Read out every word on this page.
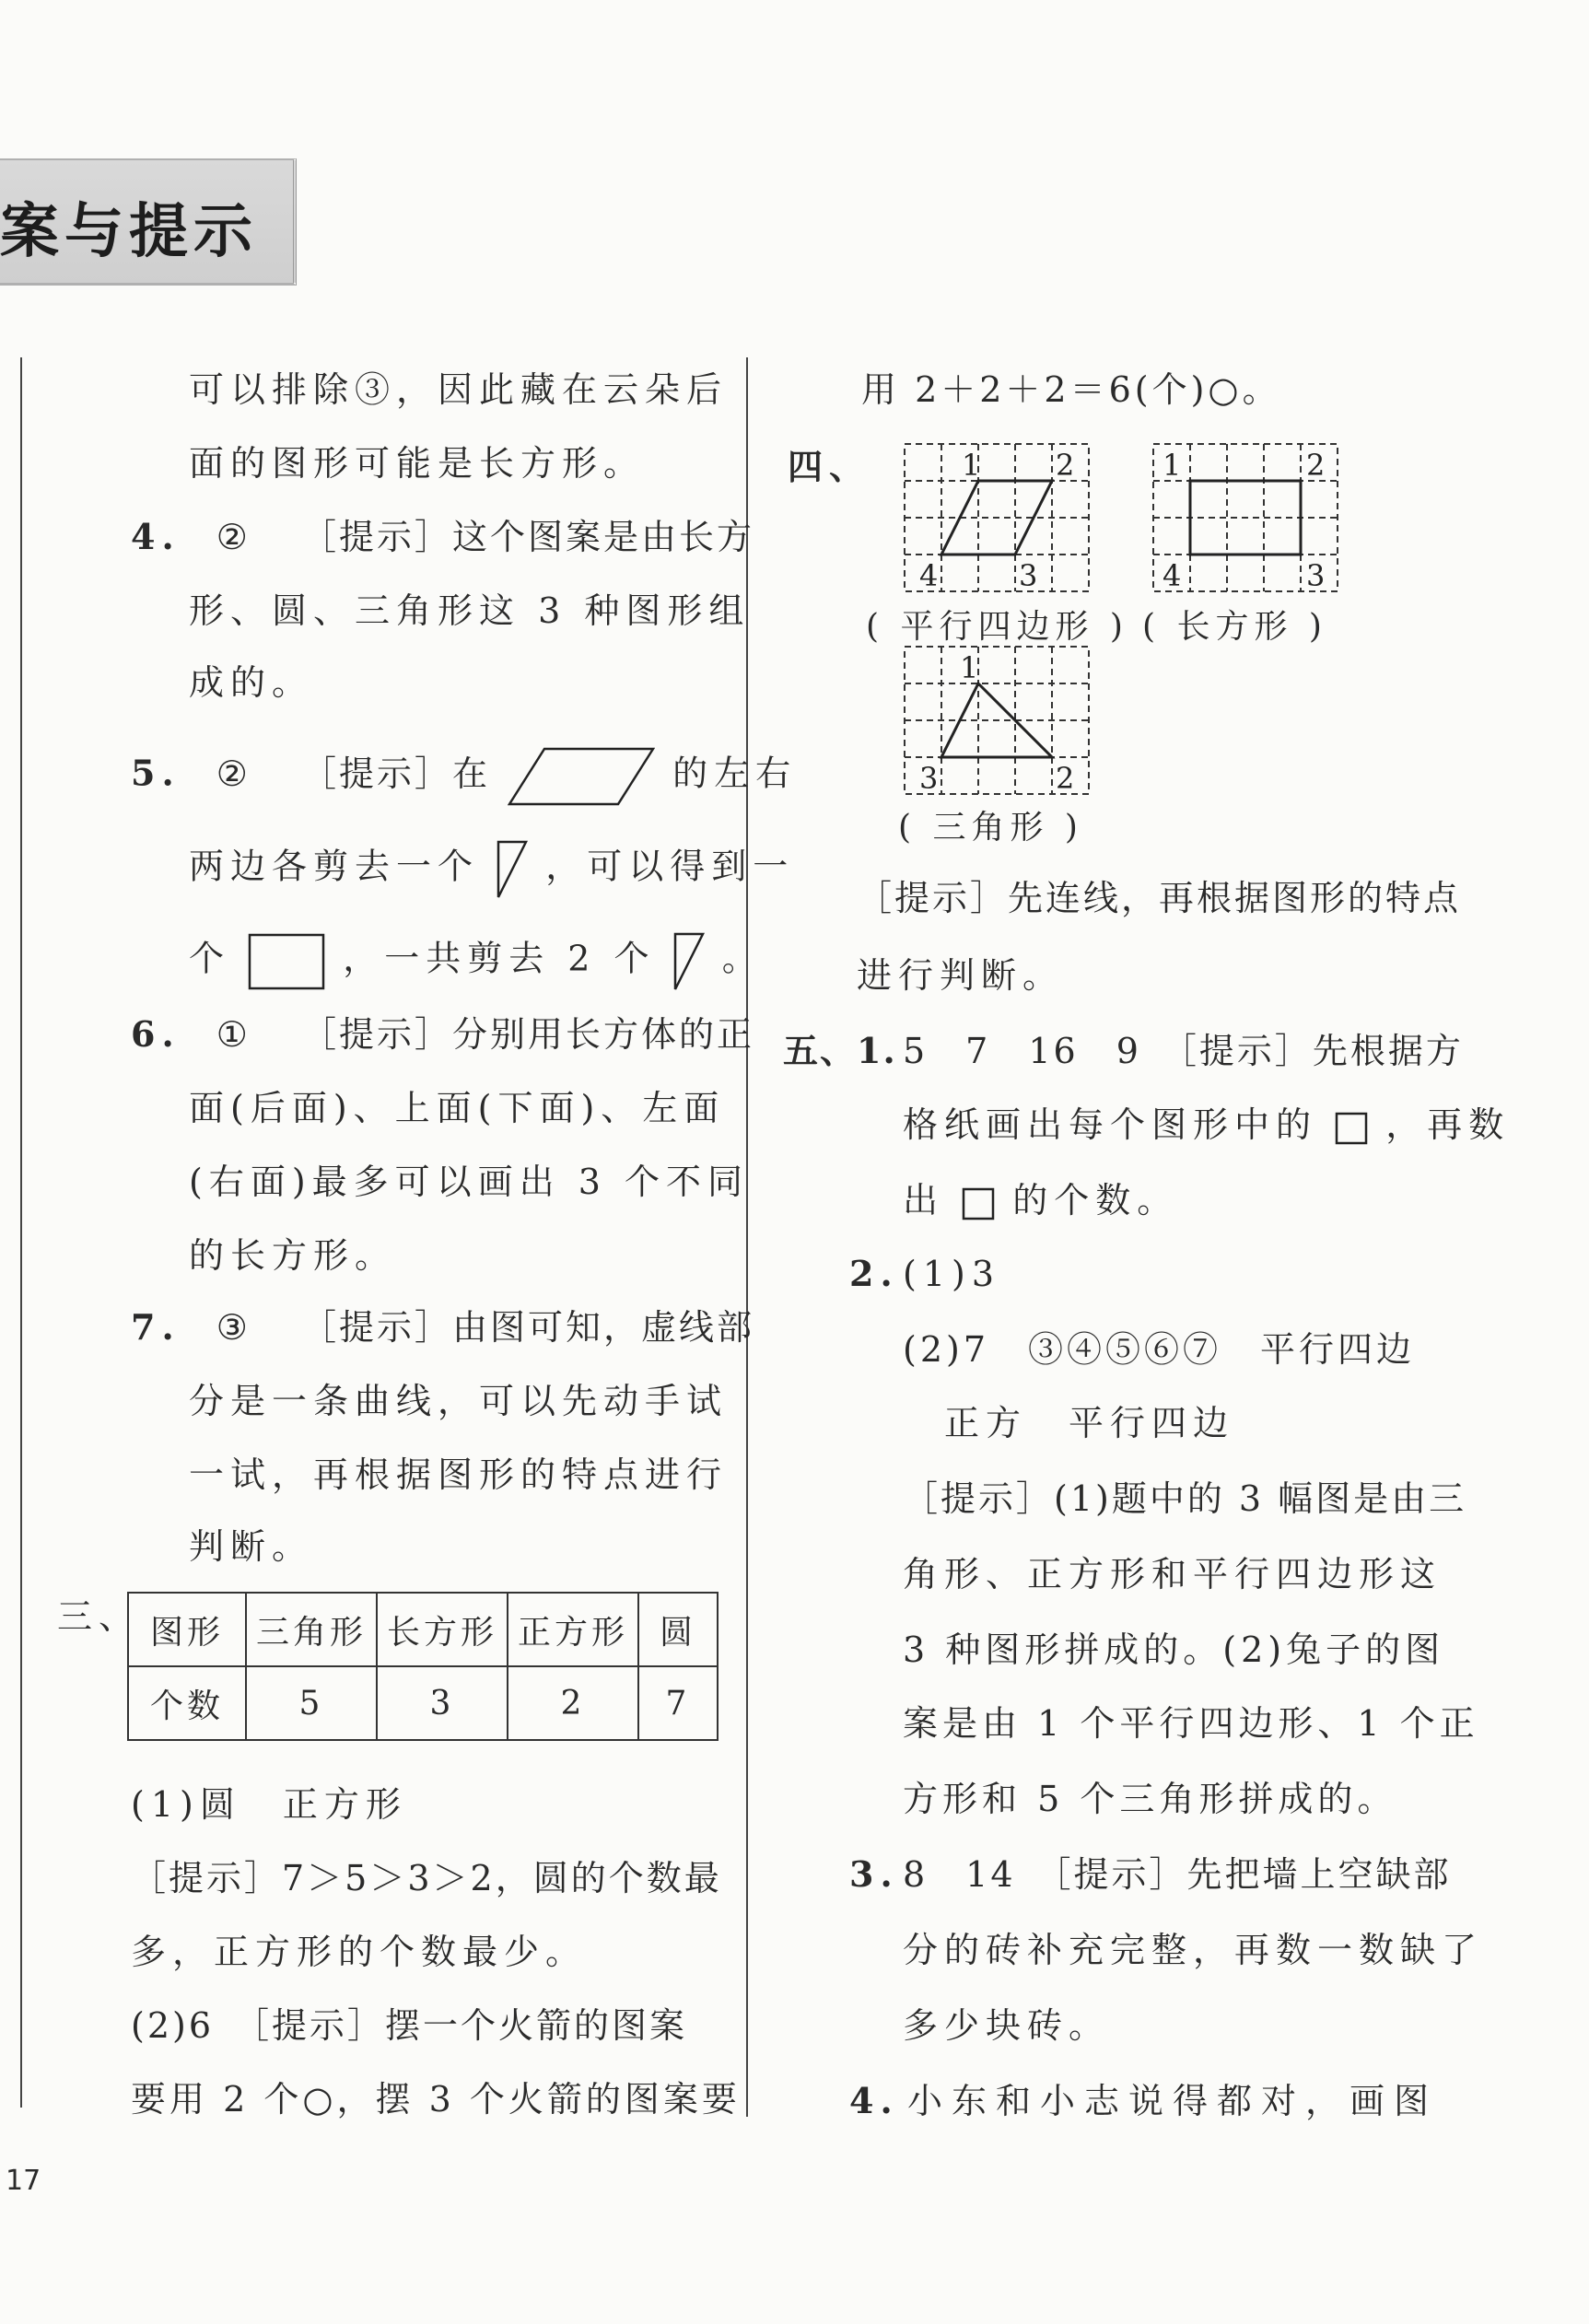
案与提示
可以排除③，因此藏在云朵后
面的图形可能是长方形。
4. ② ［提示］这个图案是由长方
形、圆、三角形这 3 种图形组
成的。
5. ② ［提示］在	的左右
两边各剪去一个 ，可以得到一
个	，一共剪去 2 个 。
6. ① ［提示］分别用长方体的正
面(后面)、上面(下面)、左面
(右面)最多可以画出 3 个不同
的长方形。
7. ③ ［提示］由图可知，虚线部
分是一条曲线，可以先动手试
一试，再根据图形的特点进行
判断。
三、 图形	三角形	长方形	正方形	圆
个数	5	3	2	7
(1)圆　正方形
［提示］7＞5＞3＞2，圆的个数最
多，正方形的个数最少。
(2)6　［提示］摆一个火箭的图案
要用 2 个○，摆 3 个火箭的图案要
17
用 2＋2＋2＝6(个)○。
四、	1	2
4	3
1	2
4	3
( 平行四边形 ) ( 长方形 )
1
3	2
( 三角形 )
［提示］先连线，再根据图形的特点
进行判断。
五、1. 5　7　16　9　［提示］先根据方
格纸画出每个图形中的 ，再数
出 的个数。
2. (1)3
(2)7　③④⑤⑥⑦　平行四边
正方　平行四边
［提示］(1)题中的 3 幅图是由三
角形、正方形和平行四边形这
3 种图形拼成的。(2)兔子的图
案是由 1 个平行四边形、1 个正
方形和 5 个三角形拼成的。
3. 8　14　［提示］先把墙上空缺部
分的砖补充完整，再数一数缺了
多少块砖。
4. 小东和小志说得都对，画图
